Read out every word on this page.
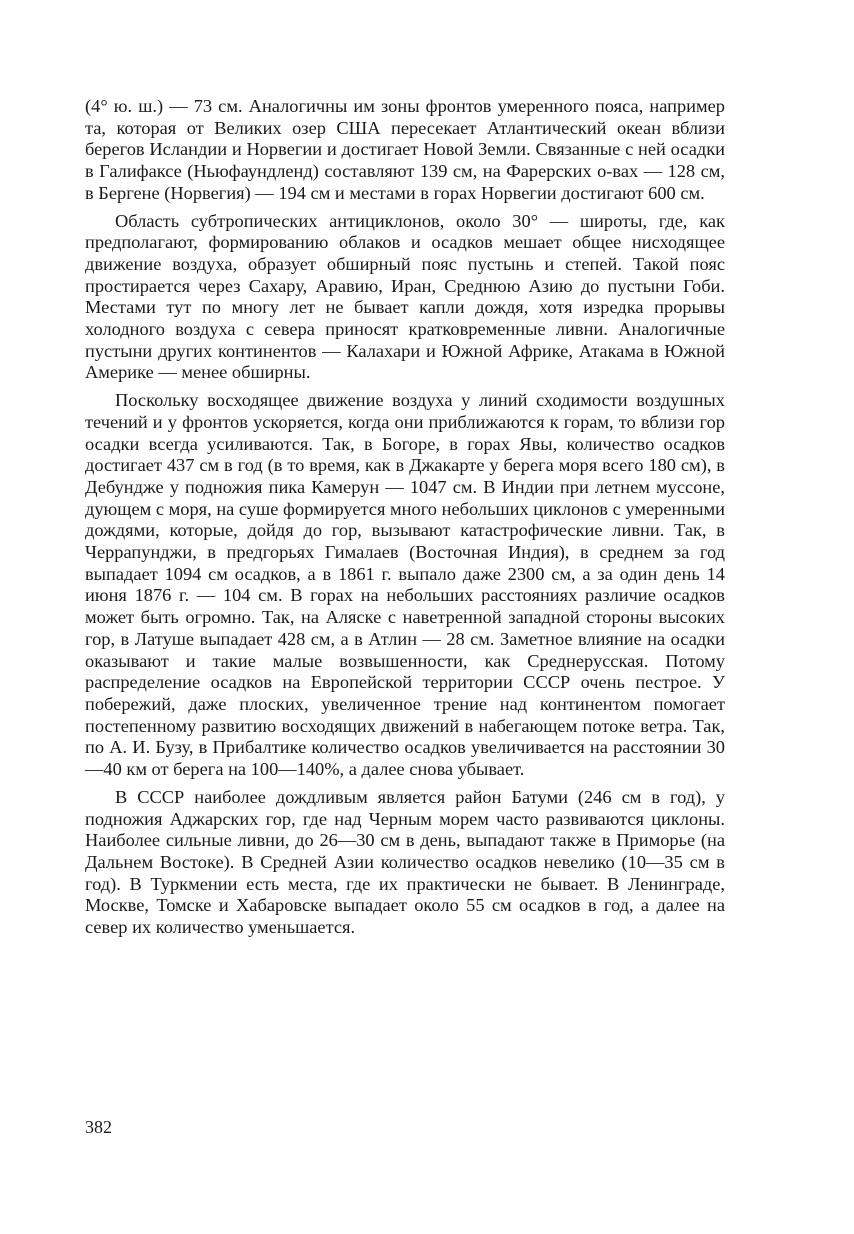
(4° ю. ш.) — 73 см. Аналогичны им зоны фронтов умеренного пояса, например та, которая от Великих озер США пересекает Атлантический океан вблизи берегов Исландии и Норвегии и достигает Новой Земли. Связанные с ней осадки в Галифаксе (Ньюфаундленд) составляют 139 см, на Фарерских о-вах — 128 см, в Бергене (Норвегия) — 194 см и местами в горах Норвегии достигают 600 см.

Область субтропических антициклонов, около 30° — широты, где, как предполагают, формированию облаков и осадков мешает общее нисходящее движение воздуха, образует обширный пояс пустынь и степей. Такой пояс простирается через Сахару, Аравию, Иран, Среднюю Азию до пустыни Гоби. Местами тут по многу лет не бывает капли дождя, хотя изредка прорывы холодного воздуха с севера приносят кратковременные ливни. Аналогичные пустыни других континентов — Калахари и Южной Африке, Атакама в Южной Америке — менее обширны.

Поскольку восходящее движение воздуха у линий сходимости воздушных течений и у фронтов ускоряется, когда они приближаются к горам, то вблизи гор осадки всегда усиливаются. Так, в Богоре, в горах Явы, количество осадков достигает 437 см в год (в то время, как в Джакарте у берега моря всего 180 см), в Дебундже у подножия пика Камерун — 1047 см. В Индии при летнем муссоне, дующем с моря, на суше формируется много небольших циклонов с умеренными дождями, которые, дойдя до гор, вызывают катастрофические ливни. Так, в Черрапунджи, в предгорьях Гималаев (Восточная Индия), в среднем за год выпадает 1094 см осадков, а в 1861 г. выпало даже 2300 см, а за один день 14 июня 1876 г. — 104 см. В горах на небольших расстояниях различие осадков может быть огромно. Так, на Аляске с наветренной западной стороны высоких гор, в Латуше выпадает 428 см, а в Атлин — 28 см. Заметное влияние на осадки оказывают и такие малые возвышенности, как Среднерусская. Потому распределение осадков на Европейской территории СССР очень пестрое. У побережий, даже плоских, увеличенное трение над континентом помогает постепенному развитию восходящих движений в набегающем потоке ветра. Так, по А. И. Бузу, в Прибалтике количество осадков увеличивается на расстоянии 30—40 км от берега на 100—140%, а далее снова убывает.

В СССР наиболее дождливым является район Батуми (246 см в год), у подножия Аджарских гор, где над Черным морем часто развиваются циклоны. Наиболее сильные ливни, до 26—30 см в день, выпадают также в Приморье (на Дальнем Востоке). В Средней Азии количество осадков невелико (10—35 см в год). В Туркмении есть места, где их практически не бывает. В Ленинграде, Москве, Томске и Хабаровске выпадает около 55 см осадков в год, а далее на север их количество уменьшается.

382
